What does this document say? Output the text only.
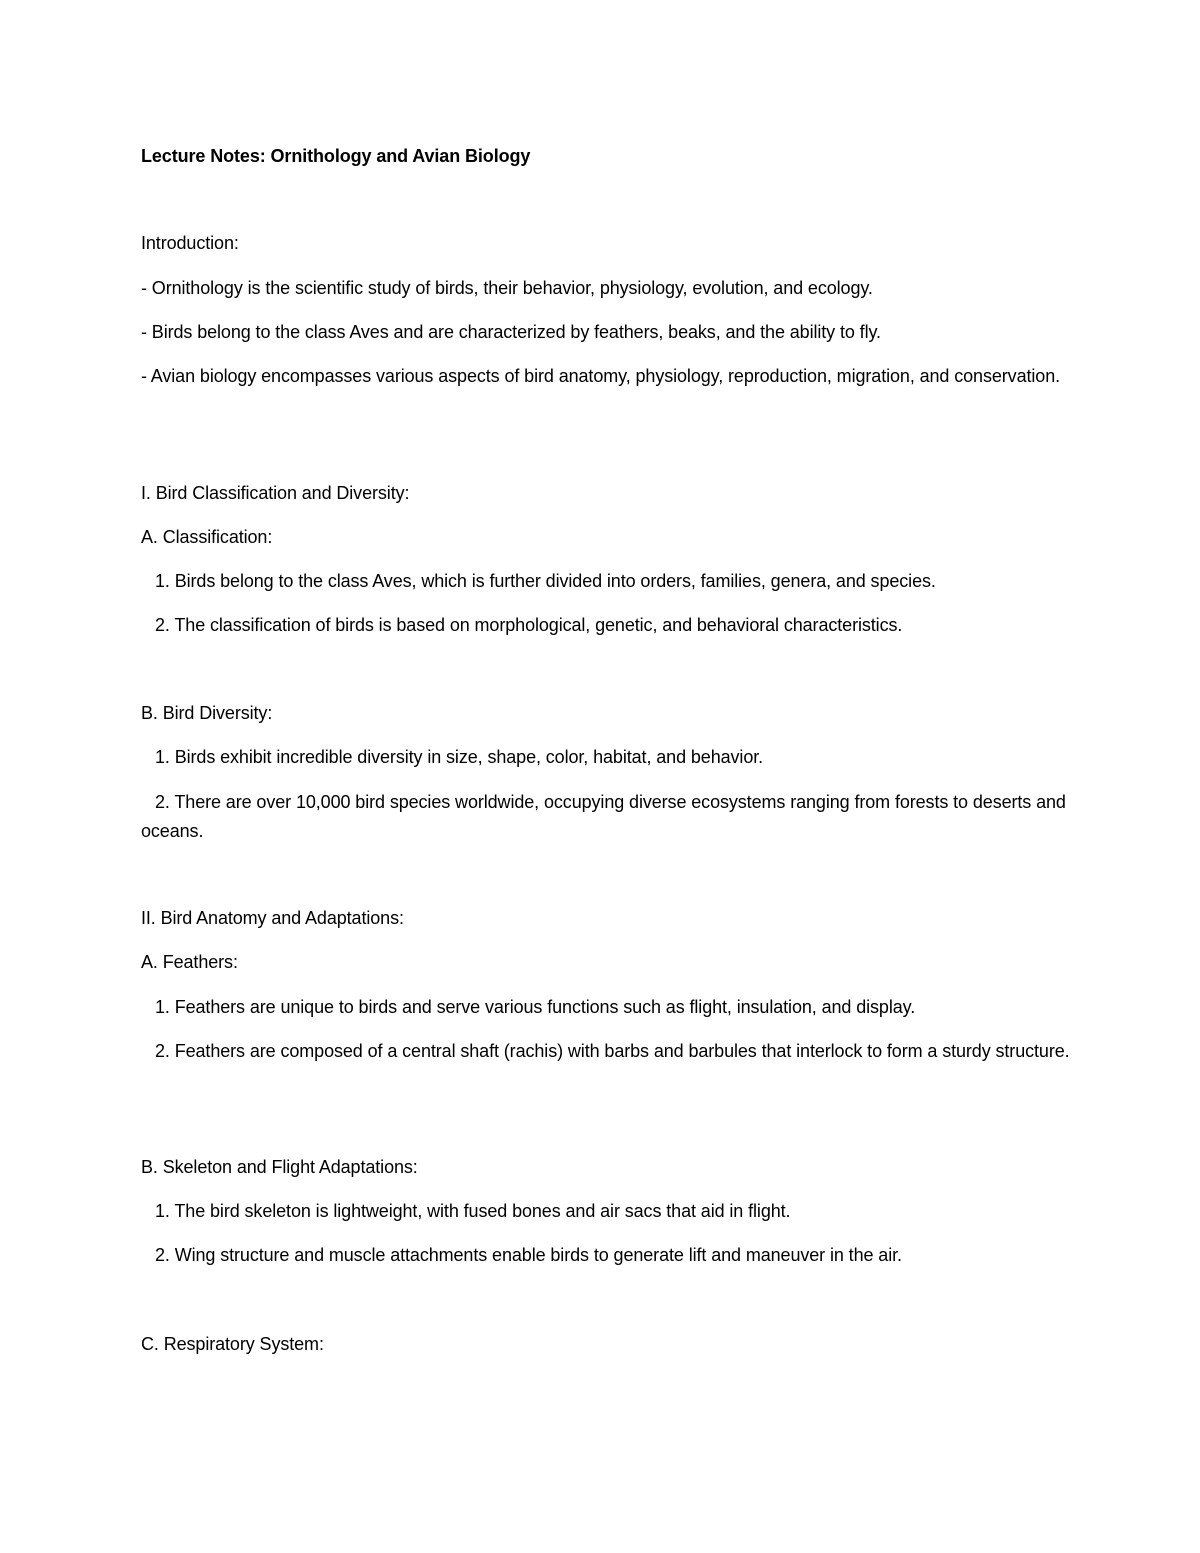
Lecture Notes: Ornithology and Avian Biology
Introduction:
- Ornithology is the scientific study of birds, their behavior, physiology, evolution, and ecology.
- Birds belong to the class Aves and are characterized by feathers, beaks, and the ability to fly.
- Avian biology encompasses various aspects of bird anatomy, physiology, reproduction, migration, and conservation.
I. Bird Classification and Diversity:
A. Classification:
1. Birds belong to the class Aves, which is further divided into orders, families, genera, and species.
2. The classification of birds is based on morphological, genetic, and behavioral characteristics.
B. Bird Diversity:
1. Birds exhibit incredible diversity in size, shape, color, habitat, and behavior.
2. There are over 10,000 bird species worldwide, occupying diverse ecosystems ranging from forests to deserts and oceans.
II. Bird Anatomy and Adaptations:
A. Feathers:
1. Feathers are unique to birds and serve various functions such as flight, insulation, and display.
2. Feathers are composed of a central shaft (rachis) with barbs and barbules that interlock to form a sturdy structure.
B. Skeleton and Flight Adaptations:
1. The bird skeleton is lightweight, with fused bones and air sacs that aid in flight.
2. Wing structure and muscle attachments enable birds to generate lift and maneuver in the air.
C. Respiratory System:
